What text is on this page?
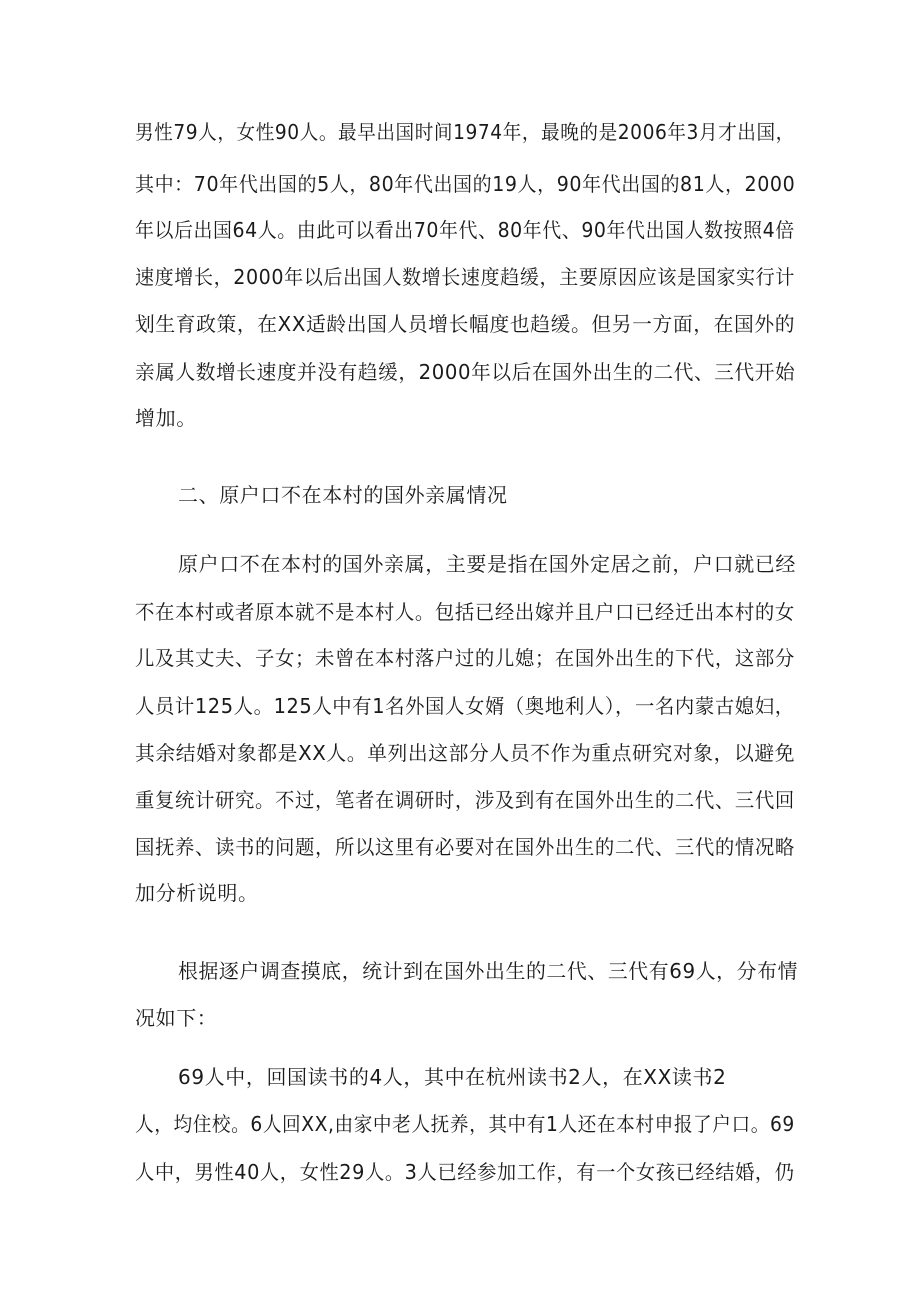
男性79人，女性90人。最早出国时间1974年，最晚的是2006年3月才出国，
其中：70年代出国的5人，80年代出国的19人，90年代出国的81人，2000
年以后出国64人。由此可以看出70年代、80年代、90年代出国人数按照4倍
速度增长，2000年以后出国人数增长速度趋缓，主要原因应该是国家实行计
划生育政策，在XX适龄出国人员增长幅度也趋缓。但另一方面，在国外的
亲属人数增长速度并没有趋缓，2000年以后在国外出生的二代、三代开始
增加。
二、原户口不在本村的国外亲属情况
原户口不在本村的国外亲属，主要是指在国外定居之前，户口就已经
不在本村或者原本就不是本村人。包括已经出嫁并且户口已经迁出本村的女
儿及其丈夫、子女；未曾在本村落户过的儿媳；在国外出生的下代，这部分
人员计125人。125人中有1名外国人女婿（奥地利人），一名内蒙古媳妇，
其余结婚对象都是XX人。单列出这部分人员不作为重点研究对象，以避免
重复统计研究。不过，笔者在调研时，涉及到有在国外出生的二代、三代回
国抚养、读书的问题，所以这里有必要对在国外出生的二代、三代的情况略
加分析说明。
根据逐户调查摸底，统计到在国外出生的二代、三代有69人，分布情
况如下：
69人中，回国读书的4人，其中在杭州读书2人，在XX读书2
人，均住校。6人回XX,由家中老人抚养，其中有1人还在本村申报了户口。69
人中，男性40人，女性29人。3人已经参加工作，有一个女孩已经结婚，仍
